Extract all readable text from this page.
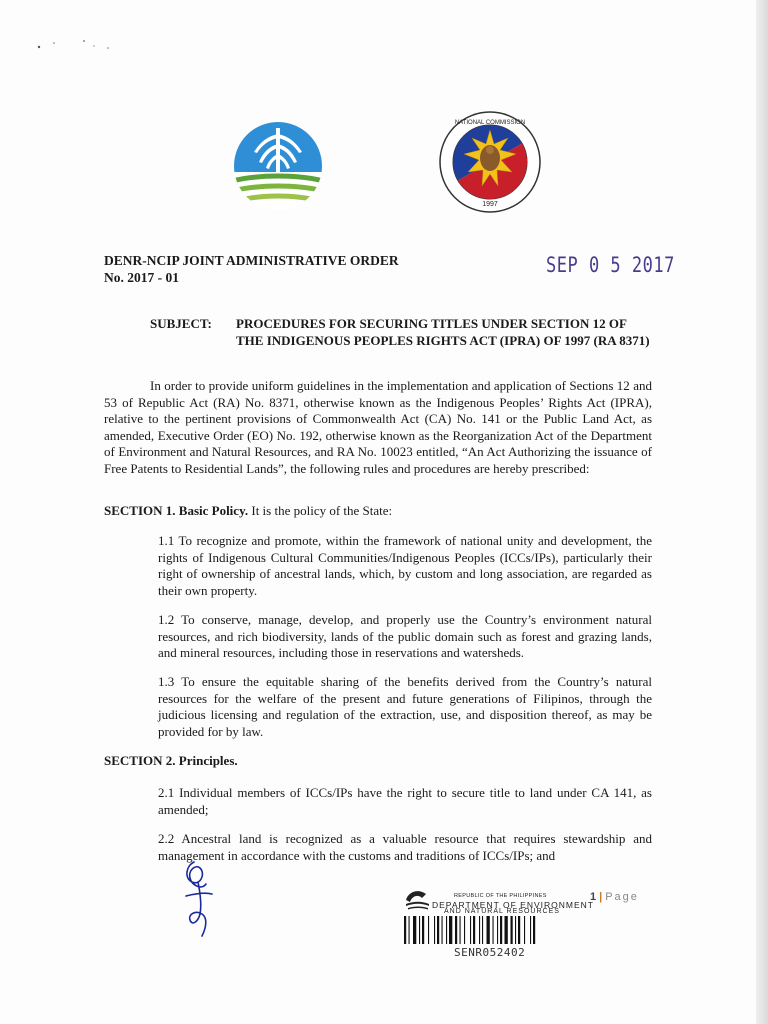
NATIONAL COMMISSION
1997
DENR-NCIP JOINT ADMINISTRATIVE ORDER
No. 2017 - 01	SEP 0 5 2017
SUBJECT: PROCEDURES FOR SECURING TITLES UNDER SECTION 12 OF THE INDIGENOUS PEOPLES RIGHTS ACT (IPRA) OF 1997 (RA 8371)
In order to provide uniform guidelines in the implementation and application of Sections 12 and 53 of Republic Act (RA) No. 8371, otherwise known as the Indigenous Peoples’ Rights Act (IPRA), relative to the pertinent provisions of Commonwealth Act (CA) No. 141 or the Public Land Act, as amended, Executive Order (EO) No. 192, otherwise known as the Reorganization Act of the Department of Environment and Natural Resources, and RA No. 10023 entitled, “An Act Authorizing the issuance of Free Patents to Residential Lands”, the following rules and procedures are hereby prescribed:
SECTION 1. Basic Policy. It is the policy of the State:
1.1 To recognize and promote, within the framework of national unity and development, the rights of Indigenous Cultural Communities/Indigenous Peoples (ICCs/IPs), particularly their right of ownership of ancestral lands, which, by custom and long association, are regarded as their own property.
1.2 To conserve, manage, develop, and properly use the Country’s environment natural resources, and rich biodiversity, lands of the public domain such as forest and grazing lands, and mineral resources, including those in reservations and watersheds.
1.3 To ensure the equitable sharing of the benefits derived from the Country’s natural resources for the welfare of the present and future generations of Filipinos, through the judicious licensing and regulation of the extraction, use, and disposition thereof, as may be provided for by law.
SECTION 2. Principles.
2.1 Individual members of ICCs/IPs have the right to secure title to land under CA 141, as amended;
2.2 Ancestral land is recognized as a valuable resource that requires stewardship and management in accordance with the customs and traditions of ICCs/IPs; and
REPUBLIC OF THE PHILIPPINES
DEPARTMENT OF ENVIRONMENT
AND NATURAL RESOURCES
SENR052402
1 | Page
